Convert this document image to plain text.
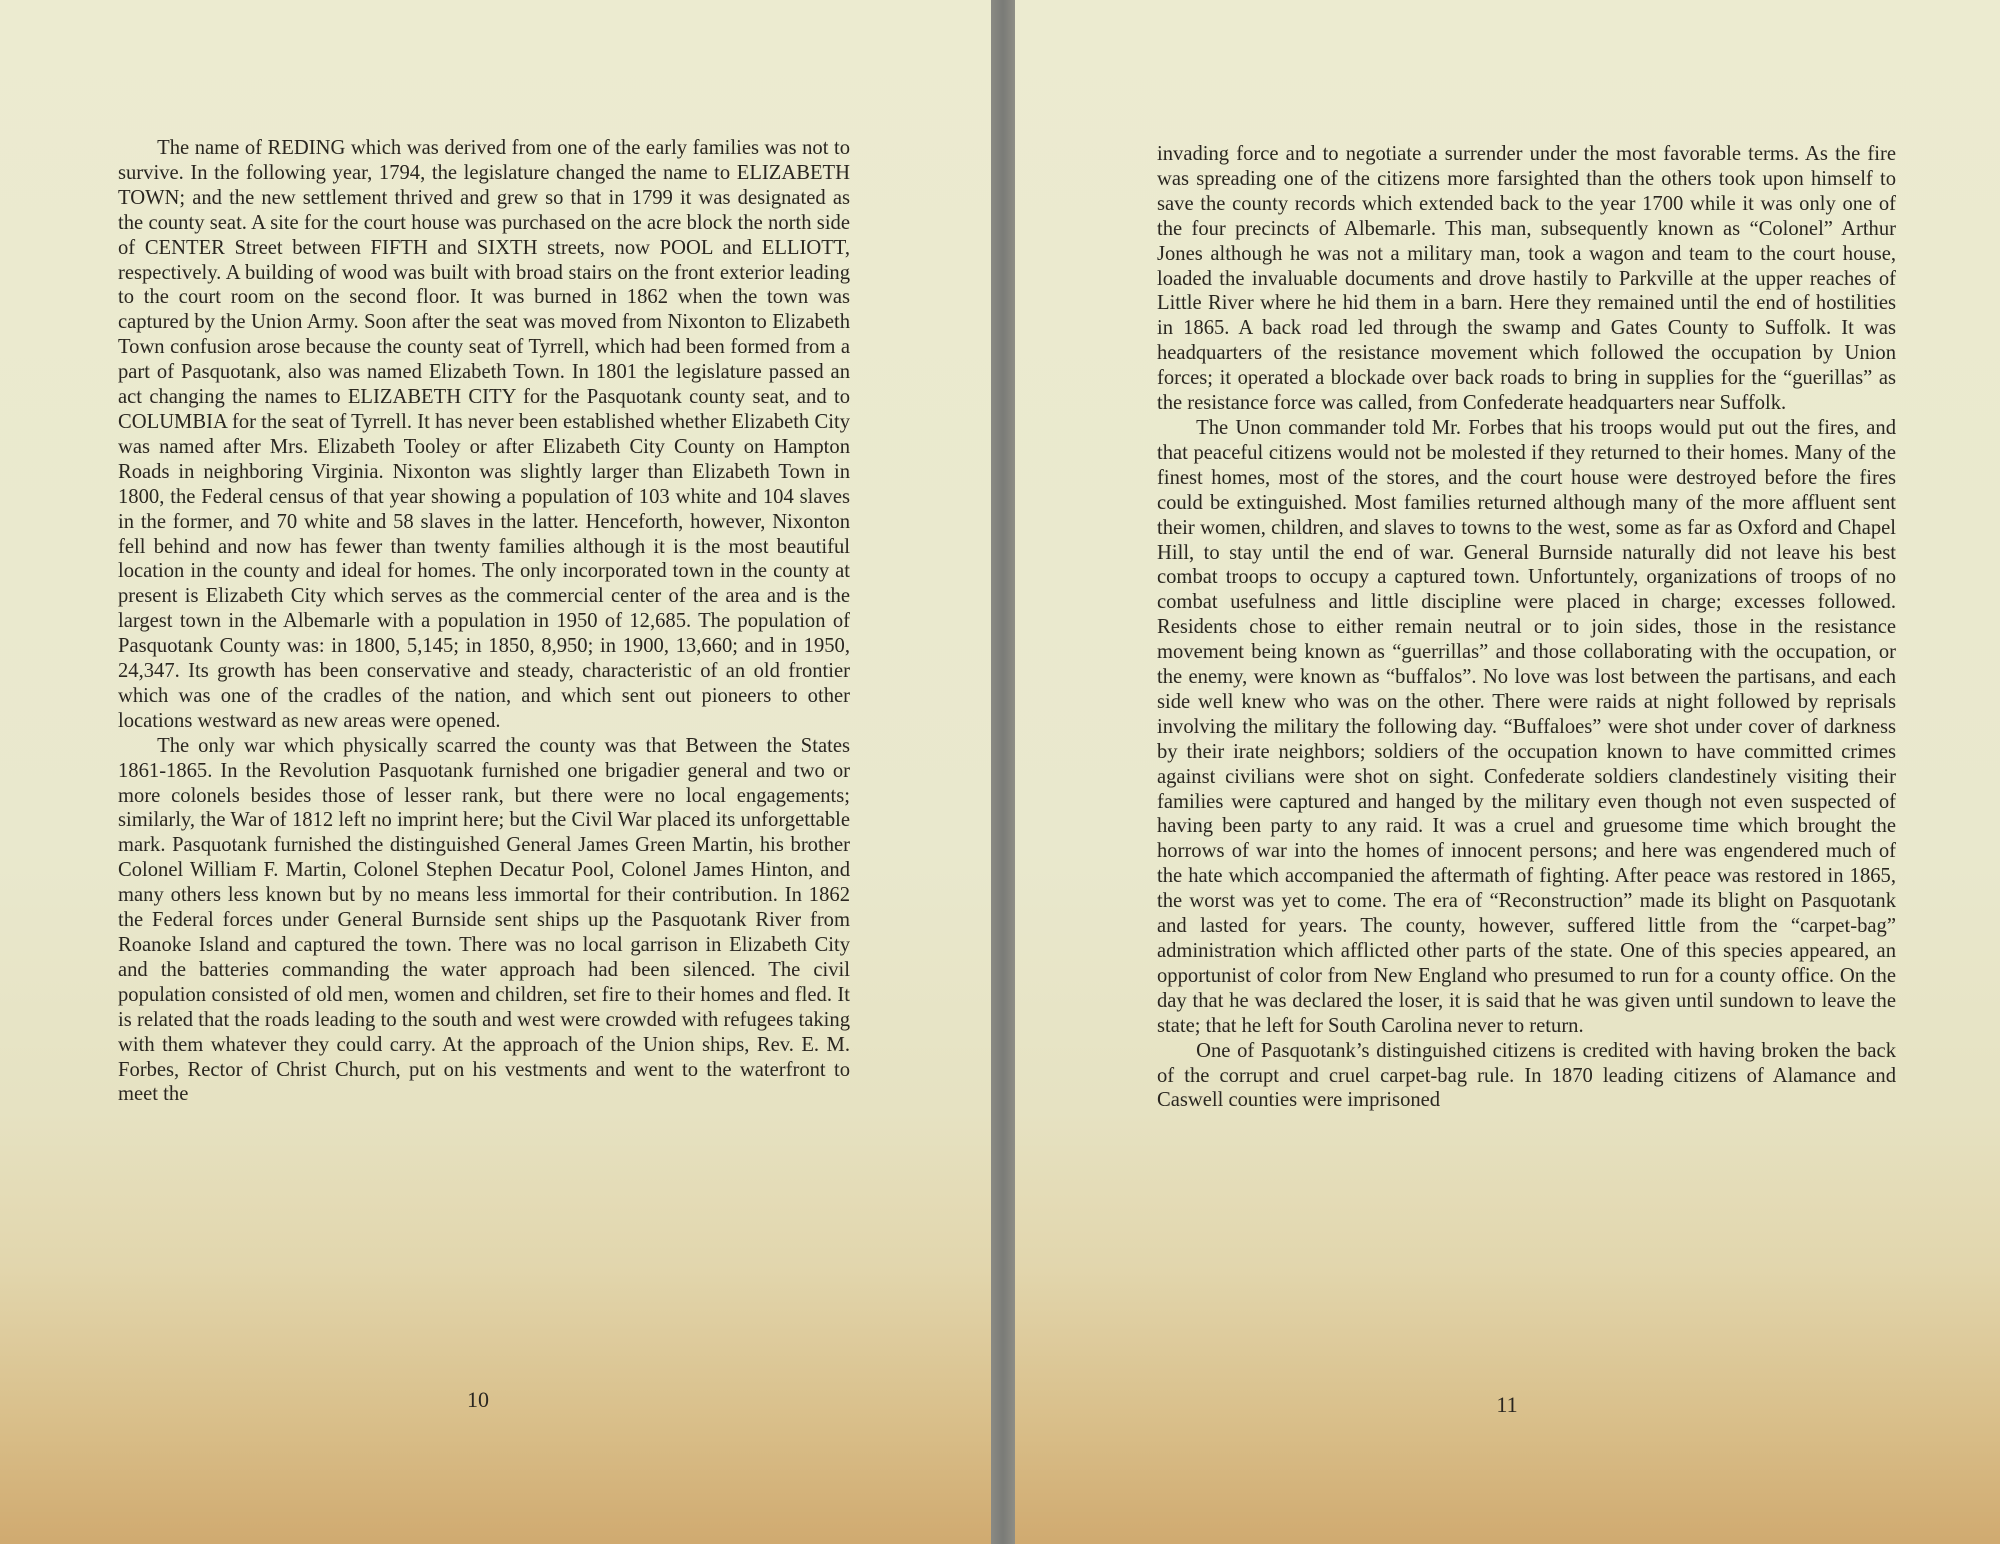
The name of REDING which was derived from one of the early families was not to survive. In the following year, 1794, the legislature changed the name to ELIZABETH TOWN; and the new settlement thrived and grew so that in 1799 it was designated as the county seat. A site for the court house was purchased on the acre block the north side of CENTER Street between FIFTH and SIXTH streets, now POOL and ELLIOTT, respectively. A building of wood was built with broad stairs on the front exterior leading to the court room on the second floor. It was burned in 1862 when the town was captured by the Union Army. Soon after the seat was moved from Nixonton to Elizabeth Town confusion arose because the county seat of Tyrrell, which had been formed from a part of Pasquotank, also was named Elizabeth Town. In 1801 the legislature passed an act changing the names to ELIZABETH CITY for the Pasquotank county seat, and to COLUMBIA for the seat of Tyrrell. It has never been established whether Elizabeth City was named after Mrs. Elizabeth Tooley or after Elizabeth City County on Hampton Roads in neighboring Virginia. Nixonton was slightly larger than Elizabeth Town in 1800, the Federal census of that year showing a population of 103 white and 104 slaves in the former, and 70 white and 58 slaves in the latter. Henceforth, however, Nixonton fell behind and now has fewer than twenty families although it is the most beautiful location in the county and ideal for homes. The only incorporated town in the county at present is Elizabeth City which serves as the commercial center of the area and is the largest town in the Albemarle with a population in 1950 of 12,685. The population of Pasquotank County was: in 1800, 5,145; in 1850, 8,950; in 1900, 13,660; and in 1950, 24,347. Its growth has been conservative and steady, characteristic of an old frontier which was one of the cradles of the nation, and which sent out pioneers to other locations westward as new areas were opened.

The only war which physically scarred the county was that Between the States 1861-1865. In the Revolution Pasquotank furnished one brigadier general and two or more colonels besides those of lesser rank, but there were no local engagements; similarly, the War of 1812 left no imprint here; but the Civil War placed its unforgettable mark. Pasquotank furnished the distinguished General James Green Martin, his brother Colonel William F. Martin, Colonel Stephen Decatur Pool, Colonel James Hinton, and many others less known but by no means less immortal for their contribution. In 1862 the Federal forces under General Burnside sent ships up the Pasquotank River from Roanoke Island and captured the town. There was no local garrison in Elizabeth City and the batteries commanding the water approach had been silenced. The civil population consisted of old men, women and children, set fire to their homes and fled. It is related that the roads leading to the south and west were crowded with refugees taking with them whatever they could carry. At the approach of the Union ships, Rev. E. M. Forbes, Rector of Christ Church, put on his vestments and went to the waterfront to meet the

10

invading force and to negotiate a surrender under the most favorable terms. As the fire was spreading one of the citizens more farsighted than the others took upon himself to save the county records which extended back to the year 1700 while it was only one of the four precincts of Albemarle. This man, subsequently known as “Colonel” Arthur Jones although he was not a military man, took a wagon and team to the court house, loaded the invaluable documents and drove hastily to Parkville at the upper reaches of Little River where he hid them in a barn. Here they remained until the end of hostilities in 1865. A back road led through the swamp and Gates County to Suffolk. It was headquarters of the resistance movement which followed the occupation by Union forces; it operated a blockade over back roads to bring in supplies for the “guerillas” as the resistance force was called, from Confederate headquarters near Suffolk.

The Unon commander told Mr. Forbes that his troops would put out the fires, and that peaceful citizens would not be molested if they returned to their homes. Many of the finest homes, most of the stores, and the court house were destroyed before the fires could be extinguished. Most families returned although many of the more affluent sent their women, children, and slaves to towns to the west, some as far as Oxford and Chapel Hill, to stay until the end of war. General Burnside naturally did not leave his best combat troops to occupy a captured town. Unfortuntely, organizations of troops of no combat usefulness and little discipline were placed in charge; excesses followed. Residents chose to either remain neutral or to join sides, those in the resistance movement being known as “guerrillas” and those collaborating with the occupation, or the enemy, were known as “buffalos”. No love was lost between the partisans, and each side well knew who was on the other. There were raids at night followed by reprisals involving the military the following day. “Buffaloes” were shot under cover of darkness by their irate neighbors; soldiers of the occupation known to have committed crimes against civilians were shot on sight. Confederate soldiers clandestinely visiting their families were captured and hanged by the military even though not even suspected of having been party to any raid. It was a cruel and gruesome time which brought the horrows of war into the homes of innocent persons; and here was engendered much of the hate which accompanied the aftermath of fighting. After peace was restored in 1865, the worst was yet to come. The era of “Reconstruction” made its blight on Pasquotank and lasted for years. The county, however, suffered little from the “carpet-bag” administration which afflicted other parts of the state. One of this species appeared, an opportunist of color from New England who presumed to run for a county office. On the day that he was declared the loser, it is said that he was given until sundown to leave the state; that he left for South Carolina never to return.

One of Pasquotank’s distinguished citizens is credited with having broken the back of the corrupt and cruel carpet-bag rule. In 1870 leading citizens of Alamance and Caswell counties were imprisoned

11
